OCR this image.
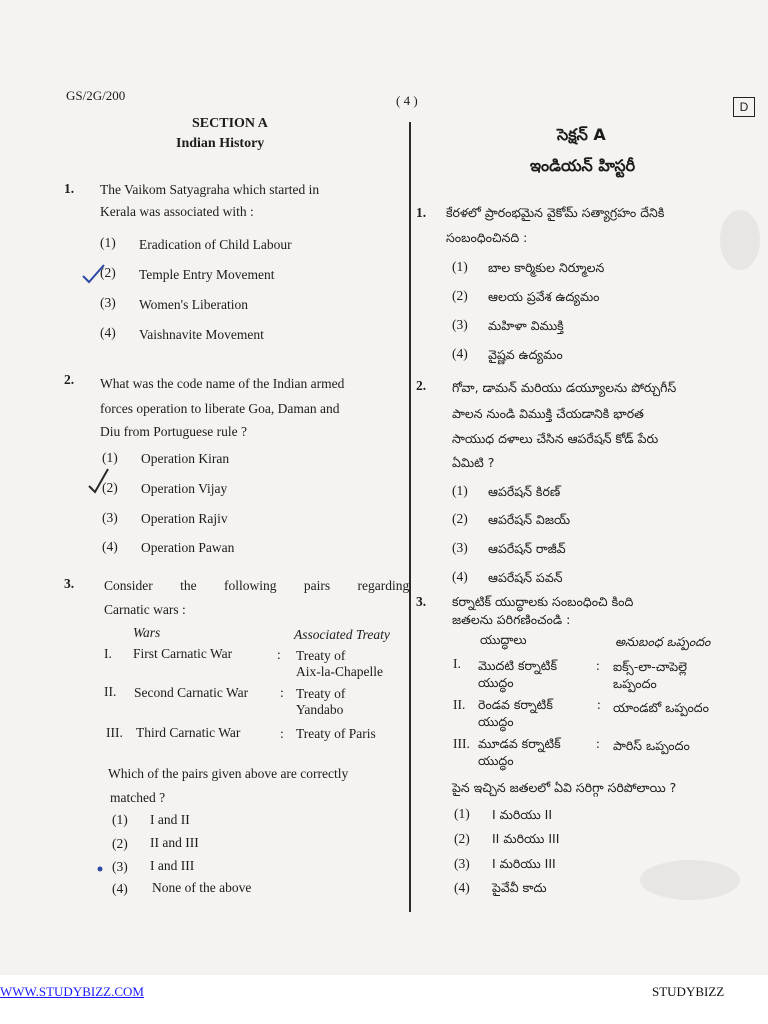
GS/2G/200	( 4 )	D
SECTION A
Indian History
1. The Vaikom Satyagraha which started in
Kerala was associated with :
(1) Eradication of Child Labour
(2) Temple Entry Movement
(3) Women's Liberation
(4) Vaishnavite Movement
2. What was the code name of the Indian armed
forces operation to liberate Goa, Daman and
Diu from Portuguese rule ?
(1) Operation Kiran
(2) Operation Vijay
(3) Operation Rajiv
(4) Operation Pawan
3. Consider the following pairs regarding
Carnatic wars :
Wars	Associated Treaty
I. First Carnatic War	: Treaty of
Aix-la-Chapelle
II. Second Carnatic War : Treaty of
Yandabo
III. Third Carnatic War	: Treaty of Paris
Which of the pairs given above are correctly
matched ?
(1) I and II
(2) II and III
(3) I and III
(4) None of the above
సెక్షన్ A
ఇండియన్ హిస్టరీ
1. కేరళలో ప్రారంభమైన వైకోమ్ సత్యాగ్రహం దేనికి
సంబంధించినది :
(1) బాల కార్మికుల నిర్మూలన
(2) ఆలయ ప్రవేశ ఉద్యమం
(3) మహిళా విముక్తి
(4) వైష్ణవ ఉద్యమం
2. గోవా, డామన్ మరియు డయ్యూలను పోర్చుగీస్
పాలన నుండి విముక్తి చేయడానికి భారత
సాయుధ దళాలు చేసిన ఆపరేషన్ కోడ్ పేరు
ఏమిటి ?
(1) ఆపరేషన్ కిరణ్
(2) ఆపరేషన్ విజయ్
(3) ఆపరేషన్ రాజీవ్
(4) ఆపరేషన్ పవన్
3. కర్నాటిక్ యుద్ధాలకు సంబంధించి కింది
జతలను పరిగణించండి :
యుద్ధాలు	అనుబంధ ఒప్పందం
I. మొదటి కర్నాటిక్
యుద్ధం
: ఐక్స్-లా-చాపెల్లె
ఒప్పందం
II. రెండవ కర్నాటిక్
యుద్ధం
: యాండబో ఒప్పందం
III. మూడవ కర్నాటిక్
యుద్ధం
: పారిస్ ఒప్పందం
పైన ఇచ్చిన జతలలో ఏవి సరిగ్గా సరిపోలాయి ?
(1) I మరియు II
(2) II మరియు III
(3) I మరియు III
(4) పైవేవీ కాదు
WWW.STUDYBIZZ.COM	STUDYBIZZ
